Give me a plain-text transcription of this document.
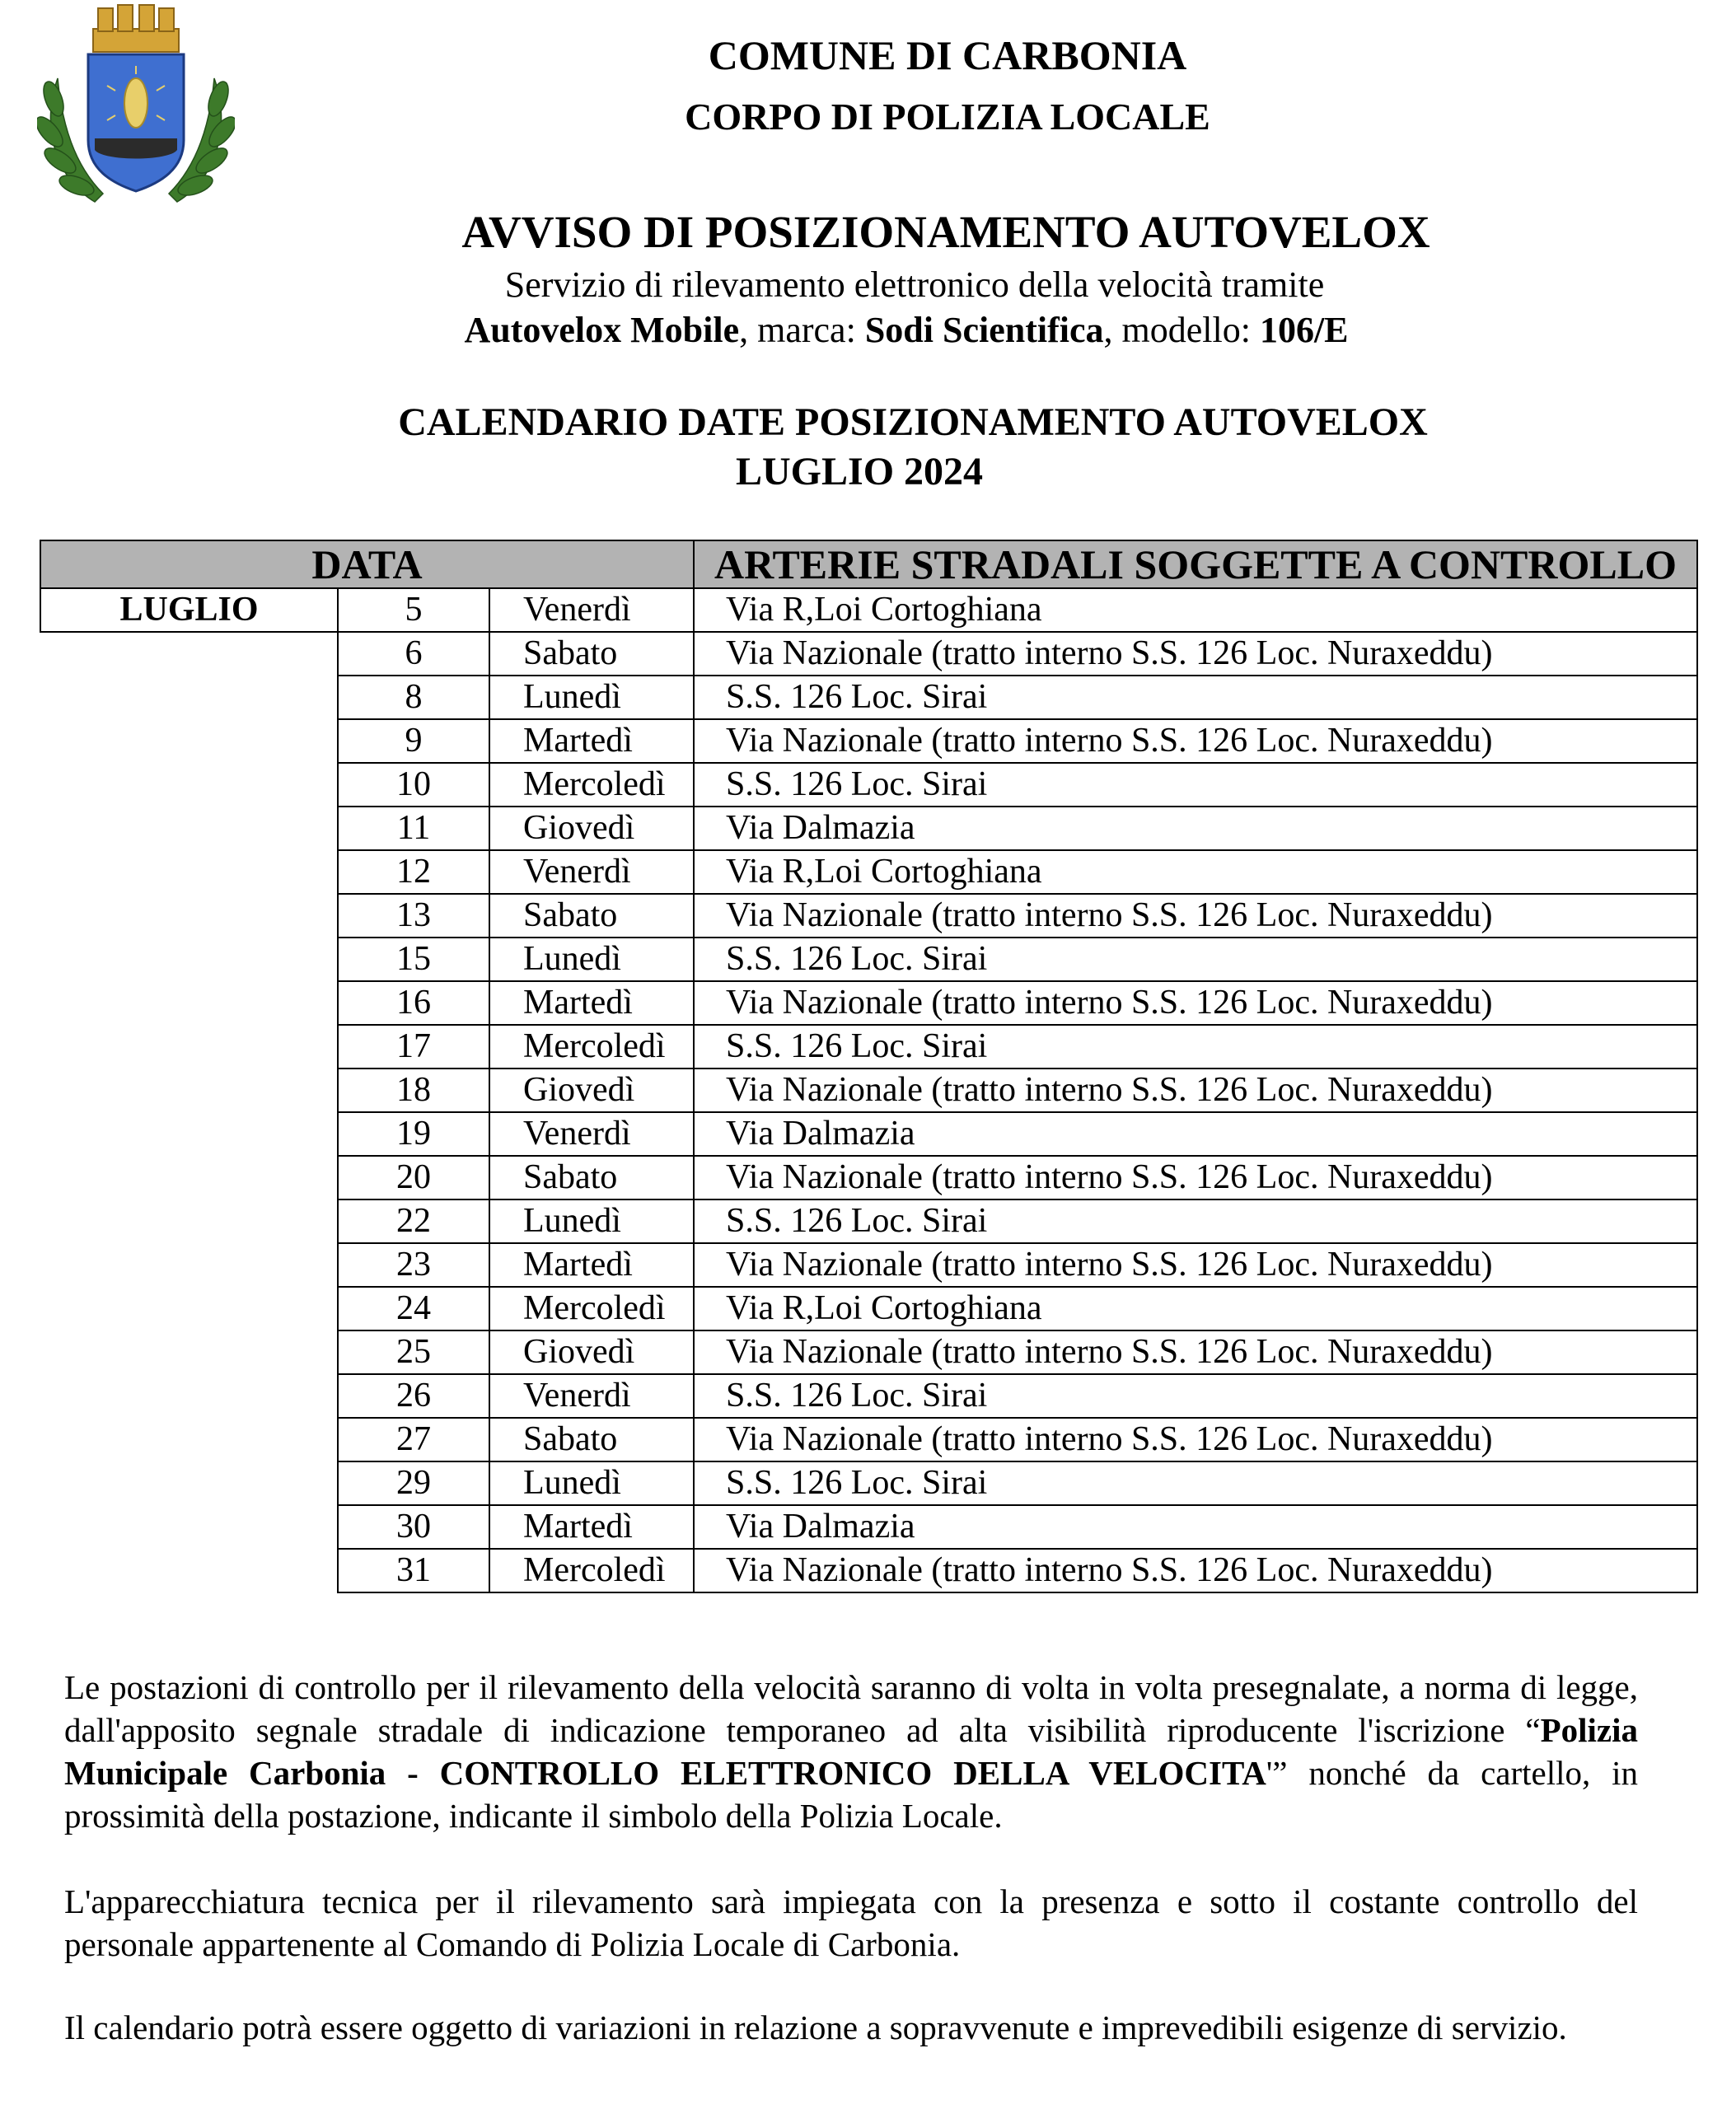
COMUNE DI CARBONIA
CORPO DI POLIZIA LOCALE
AVVISO DI POSIZIONAMENTO AUTOVELOX
Servizio di rilevamento elettronico della velocità tramite
Autovelox Mobile, marca: Sodi Scientifica, modello: 106/E
CALENDARIO DATE POSIZIONAMENTO AUTOVELOX
LUGLIO 2024
DATA			ARTERIE STRADALI SOGGETTE A CONTROLLO
LUGLIO	5	Venerdì	Via R,Loi Cortoghiana
	6	Sabato	Via Nazionale (tratto interno S.S. 126 Loc. Nuraxeddu)
	8	Lunedì	S.S. 126 Loc. Sirai
	9	Martedì	Via Nazionale (tratto interno S.S. 126 Loc. Nuraxeddu)
	10	Mercoledì	S.S. 126 Loc. Sirai
	11	Giovedì	Via Dalmazia
	12	Venerdì	Via R,Loi Cortoghiana
	13	Sabato	Via Nazionale (tratto interno S.S. 126 Loc. Nuraxeddu)
	15	Lunedì	S.S. 126 Loc. Sirai
	16	Martedì	Via Nazionale (tratto interno S.S. 126 Loc. Nuraxeddu)
	17	Mercoledì	S.S. 126 Loc. Sirai
	18	Giovedì	Via Nazionale (tratto interno S.S. 126 Loc. Nuraxeddu)
	19	Venerdì	Via Dalmazia
	20	Sabato	Via Nazionale (tratto interno S.S. 126 Loc. Nuraxeddu)
	22	Lunedì	S.S. 126 Loc. Sirai
	23	Martedì	Via Nazionale (tratto interno S.S. 126 Loc. Nuraxeddu)
	24	Mercoledì	Via R,Loi Cortoghiana
	25	Giovedì	Via Nazionale (tratto interno S.S. 126 Loc. Nuraxeddu)
	26	Venerdì	S.S. 126 Loc. Sirai
	27	Sabato	Via Nazionale (tratto interno S.S. 126 Loc. Nuraxeddu)
	29	Lunedì	S.S. 126 Loc. Sirai
	30	Martedì	Via Dalmazia
	31	Mercoledì	Via Nazionale (tratto interno S.S. 126 Loc. Nuraxeddu)
Le postazioni di controllo per il rilevamento della velocità saranno di volta in volta presegnalate, a norma di legge, dall'apposito segnale stradale di indicazione temporaneo ad alta visibilità riproducente l'iscrizione “Polizia Municipale Carbonia - CONTROLLO ELETTRONICO DELLA VELOCITA'” nonché da cartello, in prossimità della postazione, indicante il simbolo della Polizia Locale.
L'apparecchiatura tecnica per il rilevamento sarà impiegata con la presenza e sotto il costante controllo del personale appartenente al Comando di Polizia Locale di Carbonia.
Il calendario potrà essere oggetto di variazioni in relazione a sopravvenute e imprevedibili esigenze di servizio.
